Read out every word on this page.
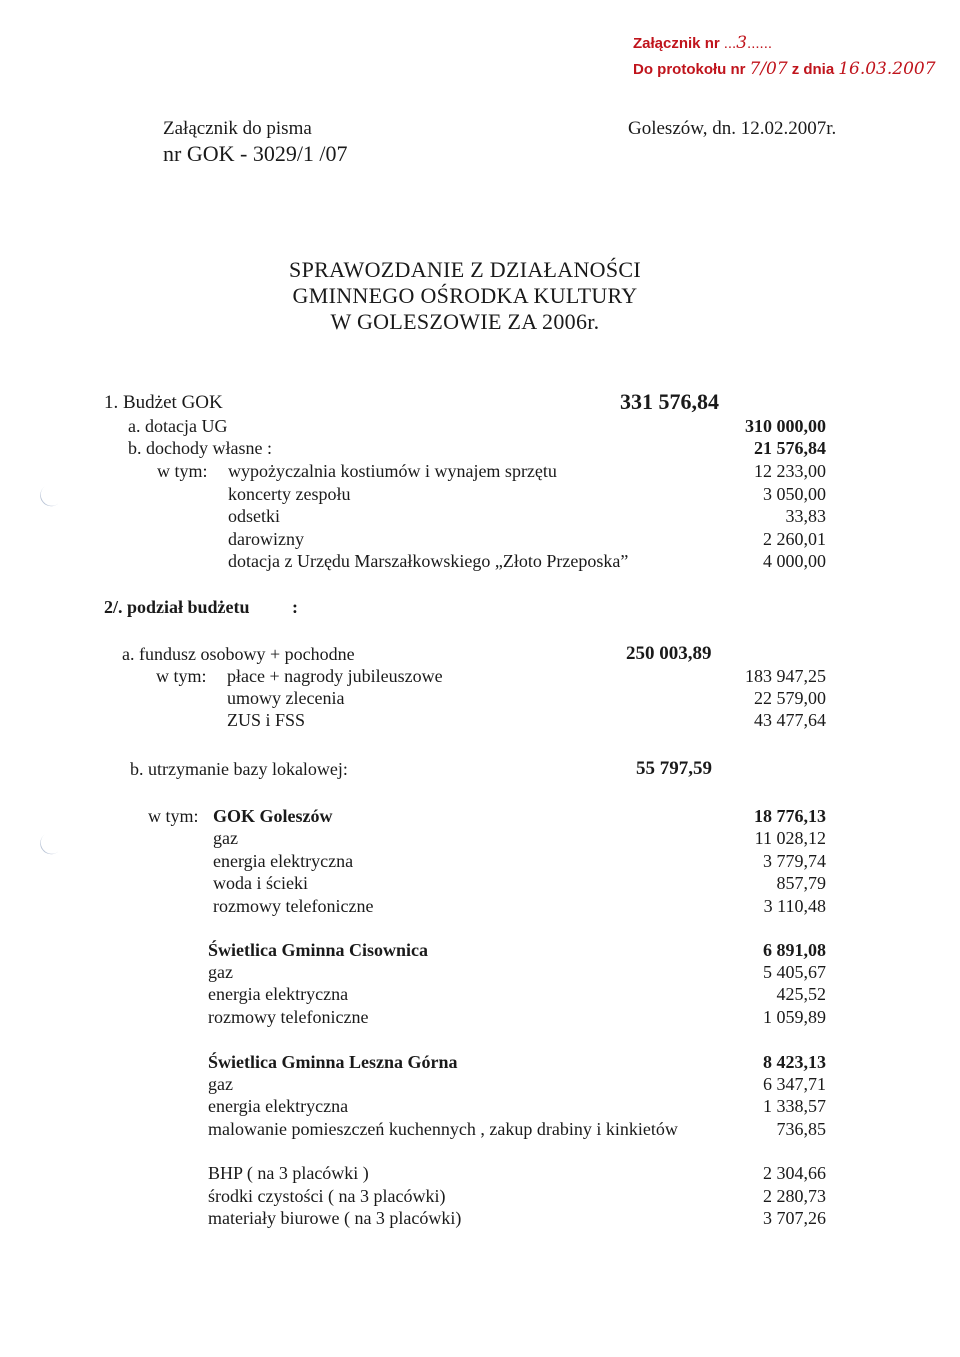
Załącznik nr ...3......
Do protokołu nr 7/07 z dnia 16.03.2007
Załącznik do pisma
nr GOK - 3029/1 /07
Goleszów, dn. 12.02.2007r.
SPRAWOZDANIE Z DZIAŁANOŚCI
GMINNEGO OŚRODKA KULTURY
W GOLESZOWIE ZA 2006r.
1. Budżet GOK	331 576,84
a. dotacja UG	310 000,00
b. dochody własne :	21 576,84
w tym: wypożyczalnia kostiumów i wynajem sprzętu	12 233,00
koncerty zespołu	3 050,00
odsetki	33,83
darowizny	2 260,01
dotacja z Urzędu Marszałkowskiego „Złoto Przeposka”	4 000,00
2/. podział budżetu :
a. fundusz osobowy + pochodne	250 003,89
w tym: płace + nagrody jubileuszowe	183 947,25
umowy zlecenia	22 579,00
ZUS i FSS	43 477,64
b. utrzymanie bazy lokalowej:	55 797,59
w tym: GOK Goleszów	18 776,13
gaz	11 028,12
energia elektryczna	3 779,74
woda i ścieki	857,79
rozmowy telefoniczne	3 110,48
Świetlica Gminna Cisownica	6 891,08
gaz	5 405,67
energia elektryczna	425,52
rozmowy telefoniczne	1 059,89
Świetlica Gminna Leszna Górna	8 423,13
gaz	6 347,71
energia elektryczna	1 338,57
malowanie pomieszczeń kuchennych , zakup drabiny i kinkietów	736,85
BHP ( na 3 placówki )	2 304,66
środki czystości ( na 3 placówki)	2 280,73
materiały biurowe ( na 3 placówki)	3 707,26
